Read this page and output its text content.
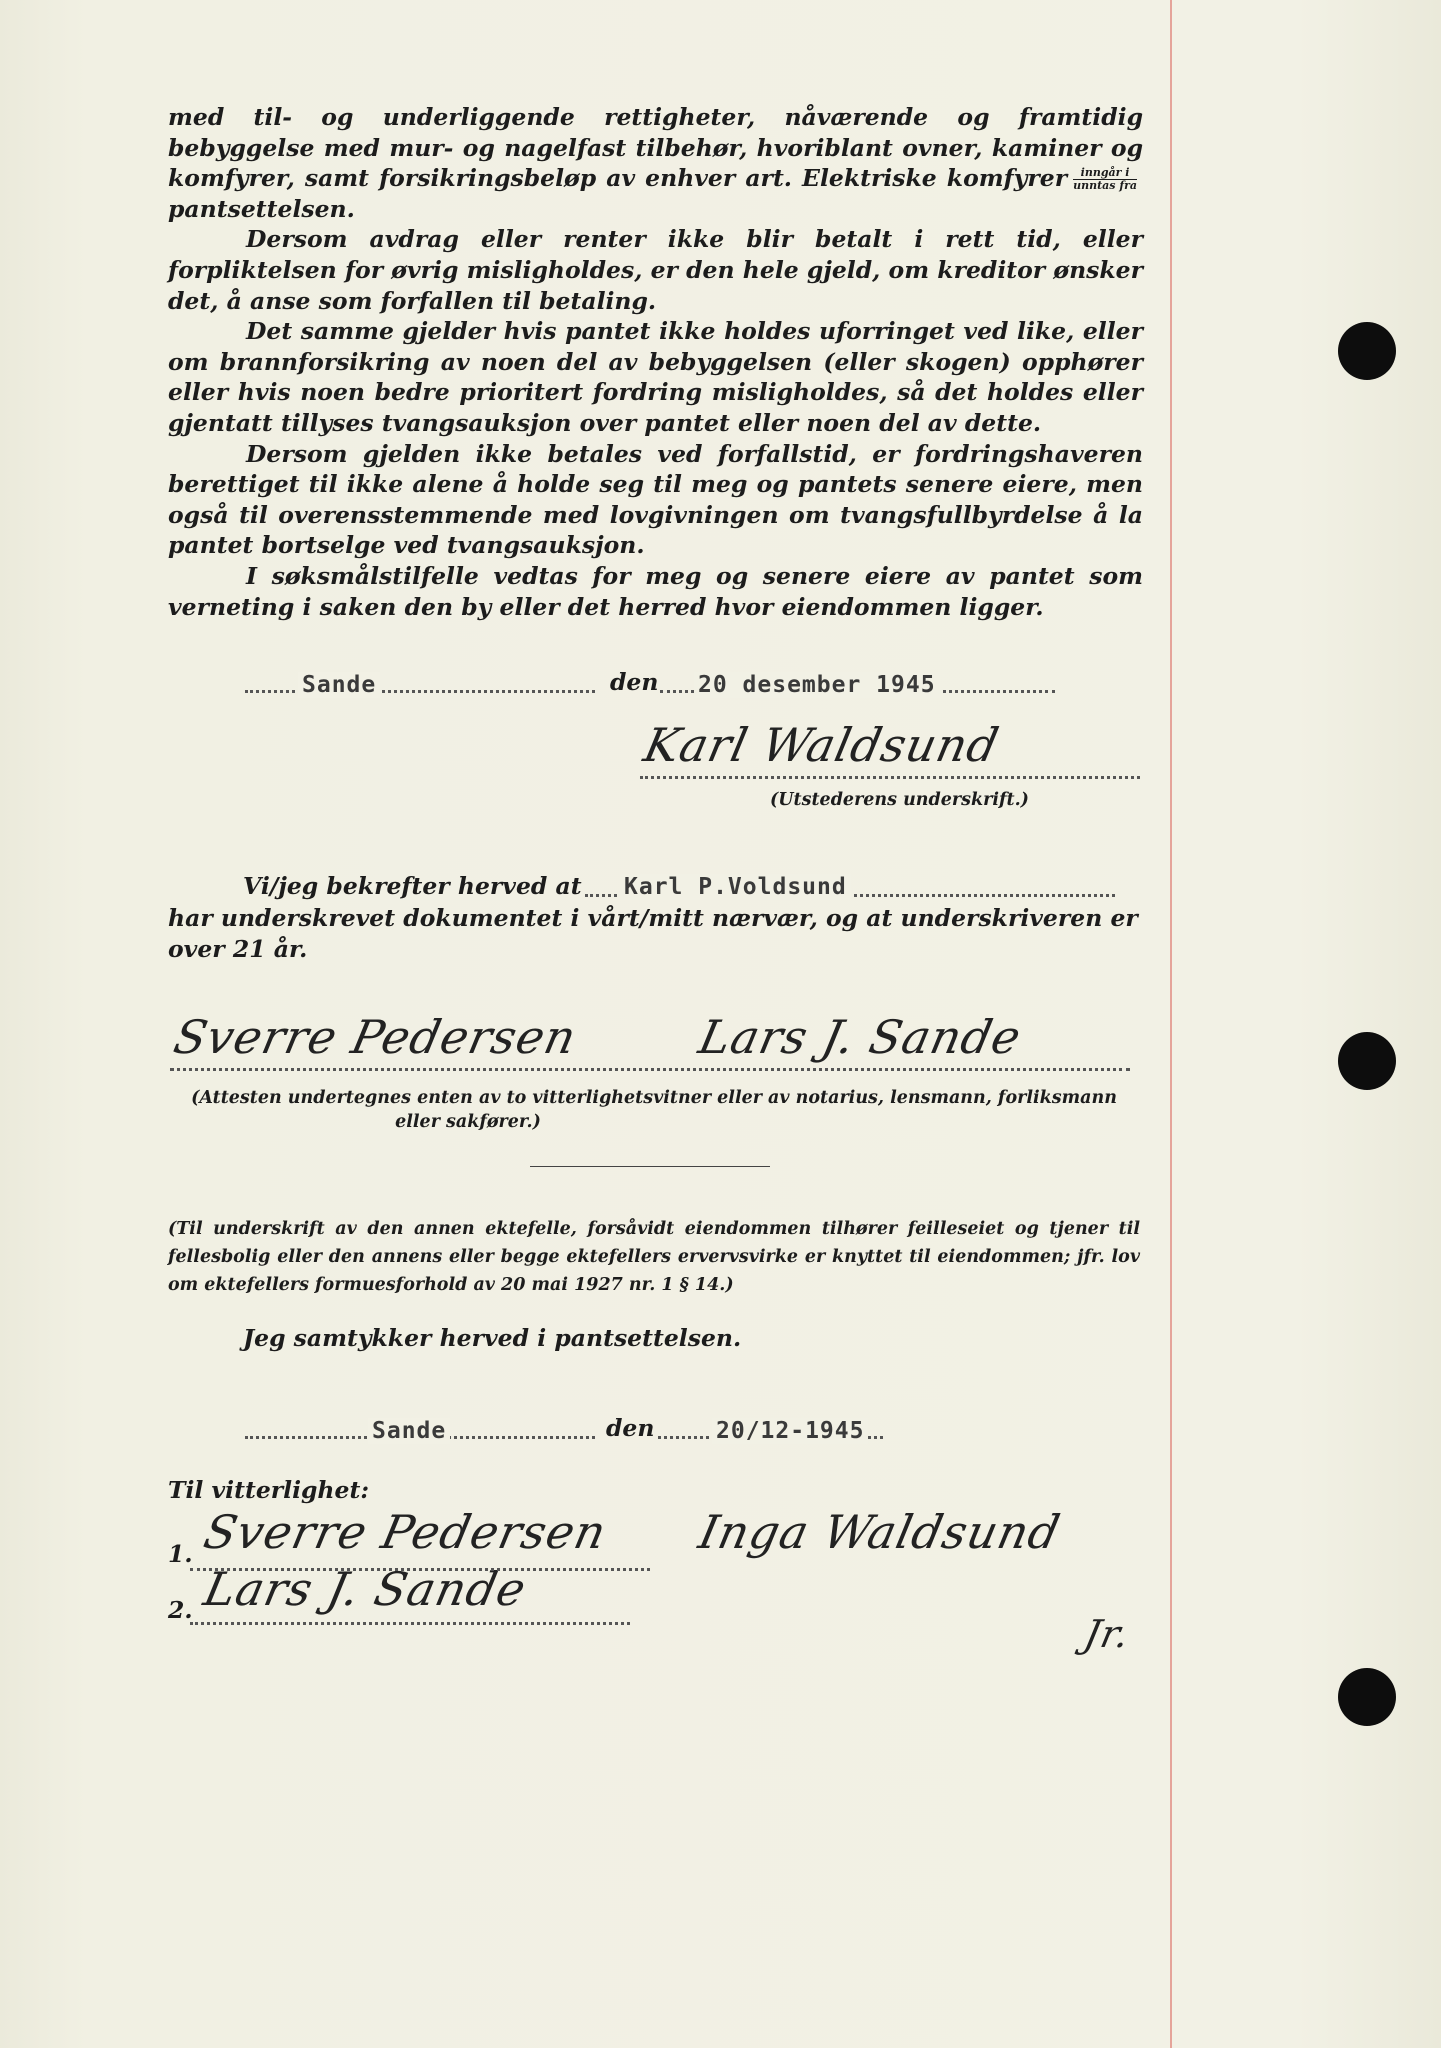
med til- og underliggende rettigheter, nåværende og framtidig bebyggelse med mur- og nagelfast tilbehør, hvoriblant ovner, kaminer og komfyrer, samt forsikringsbeløp av enhver art. Elektriske komfyrer $\frac{\text{inngår i}}{\text{unntas fra}}$
pantsettelsen.

Dersom avdrag eller renter ikke blir betalt i rett tid, eller forpliktelsen for øvrig misligholdes, er den hele gjeld, om kreditor ønsker det, å anse som forfallen til betaling.

Det samme gjelder hvis pantet ikke holdes uforringet ved like, eller om brannforsikring av noen del av bebyggelsen (eller skogen) opphører eller hvis noen bedre prioritert fordring misligholdes, så det holdes eller gjentatt tillyses tvangsauksjon over pantet eller noen del av dette.

Dersom gjelden ikke betales ved forfallstid, er fordringshaveren berettiget til ikke alene å holde seg til meg og pantets senere eiere, men også til overensstemmende med lovgivningen om tvangsfullbyrdelse å la pantet bortselge ved tvangsauksjon.

I søksmålstilfelle vedtas for meg og senere eiere av pantet som verneting i saken den by eller det herred hvor eiendommen ligger.

Sande	den 20 desember 1945
Karl Waldsund
(Utstederens underskrift.)
Vi/jeg bekrefter herved at Karl P.Voldsund
har underskrevet dokumentet i vårt/mitt nærvær, og at underskriveren er
over 21 år.
Sverre Pedersen Lars J. Sande
(Attesten undertegnes enten av to vitterlighetsvitner eller av notarius, lensmann, forliksmann
eller sakfører.)
(Til underskrift av den annen ektefelle, forsåvidt eiendommen tilhører feilleseiet og tjener til fellesbolig eller den annens eller begge ektefellers ervervsvirke er knyttet til eiendommen; jfr. lov om ektefellers formuesforhold av 20 mai 1927 nr. 1 § 14.)
Jeg samtykker herved i pantsettelsen.
Sande	den	20/12-1945
Til vitterlighet:
1.
2.
Sverre Pedersen
Lars J. Sande
Inga Waldsund
Jr.
